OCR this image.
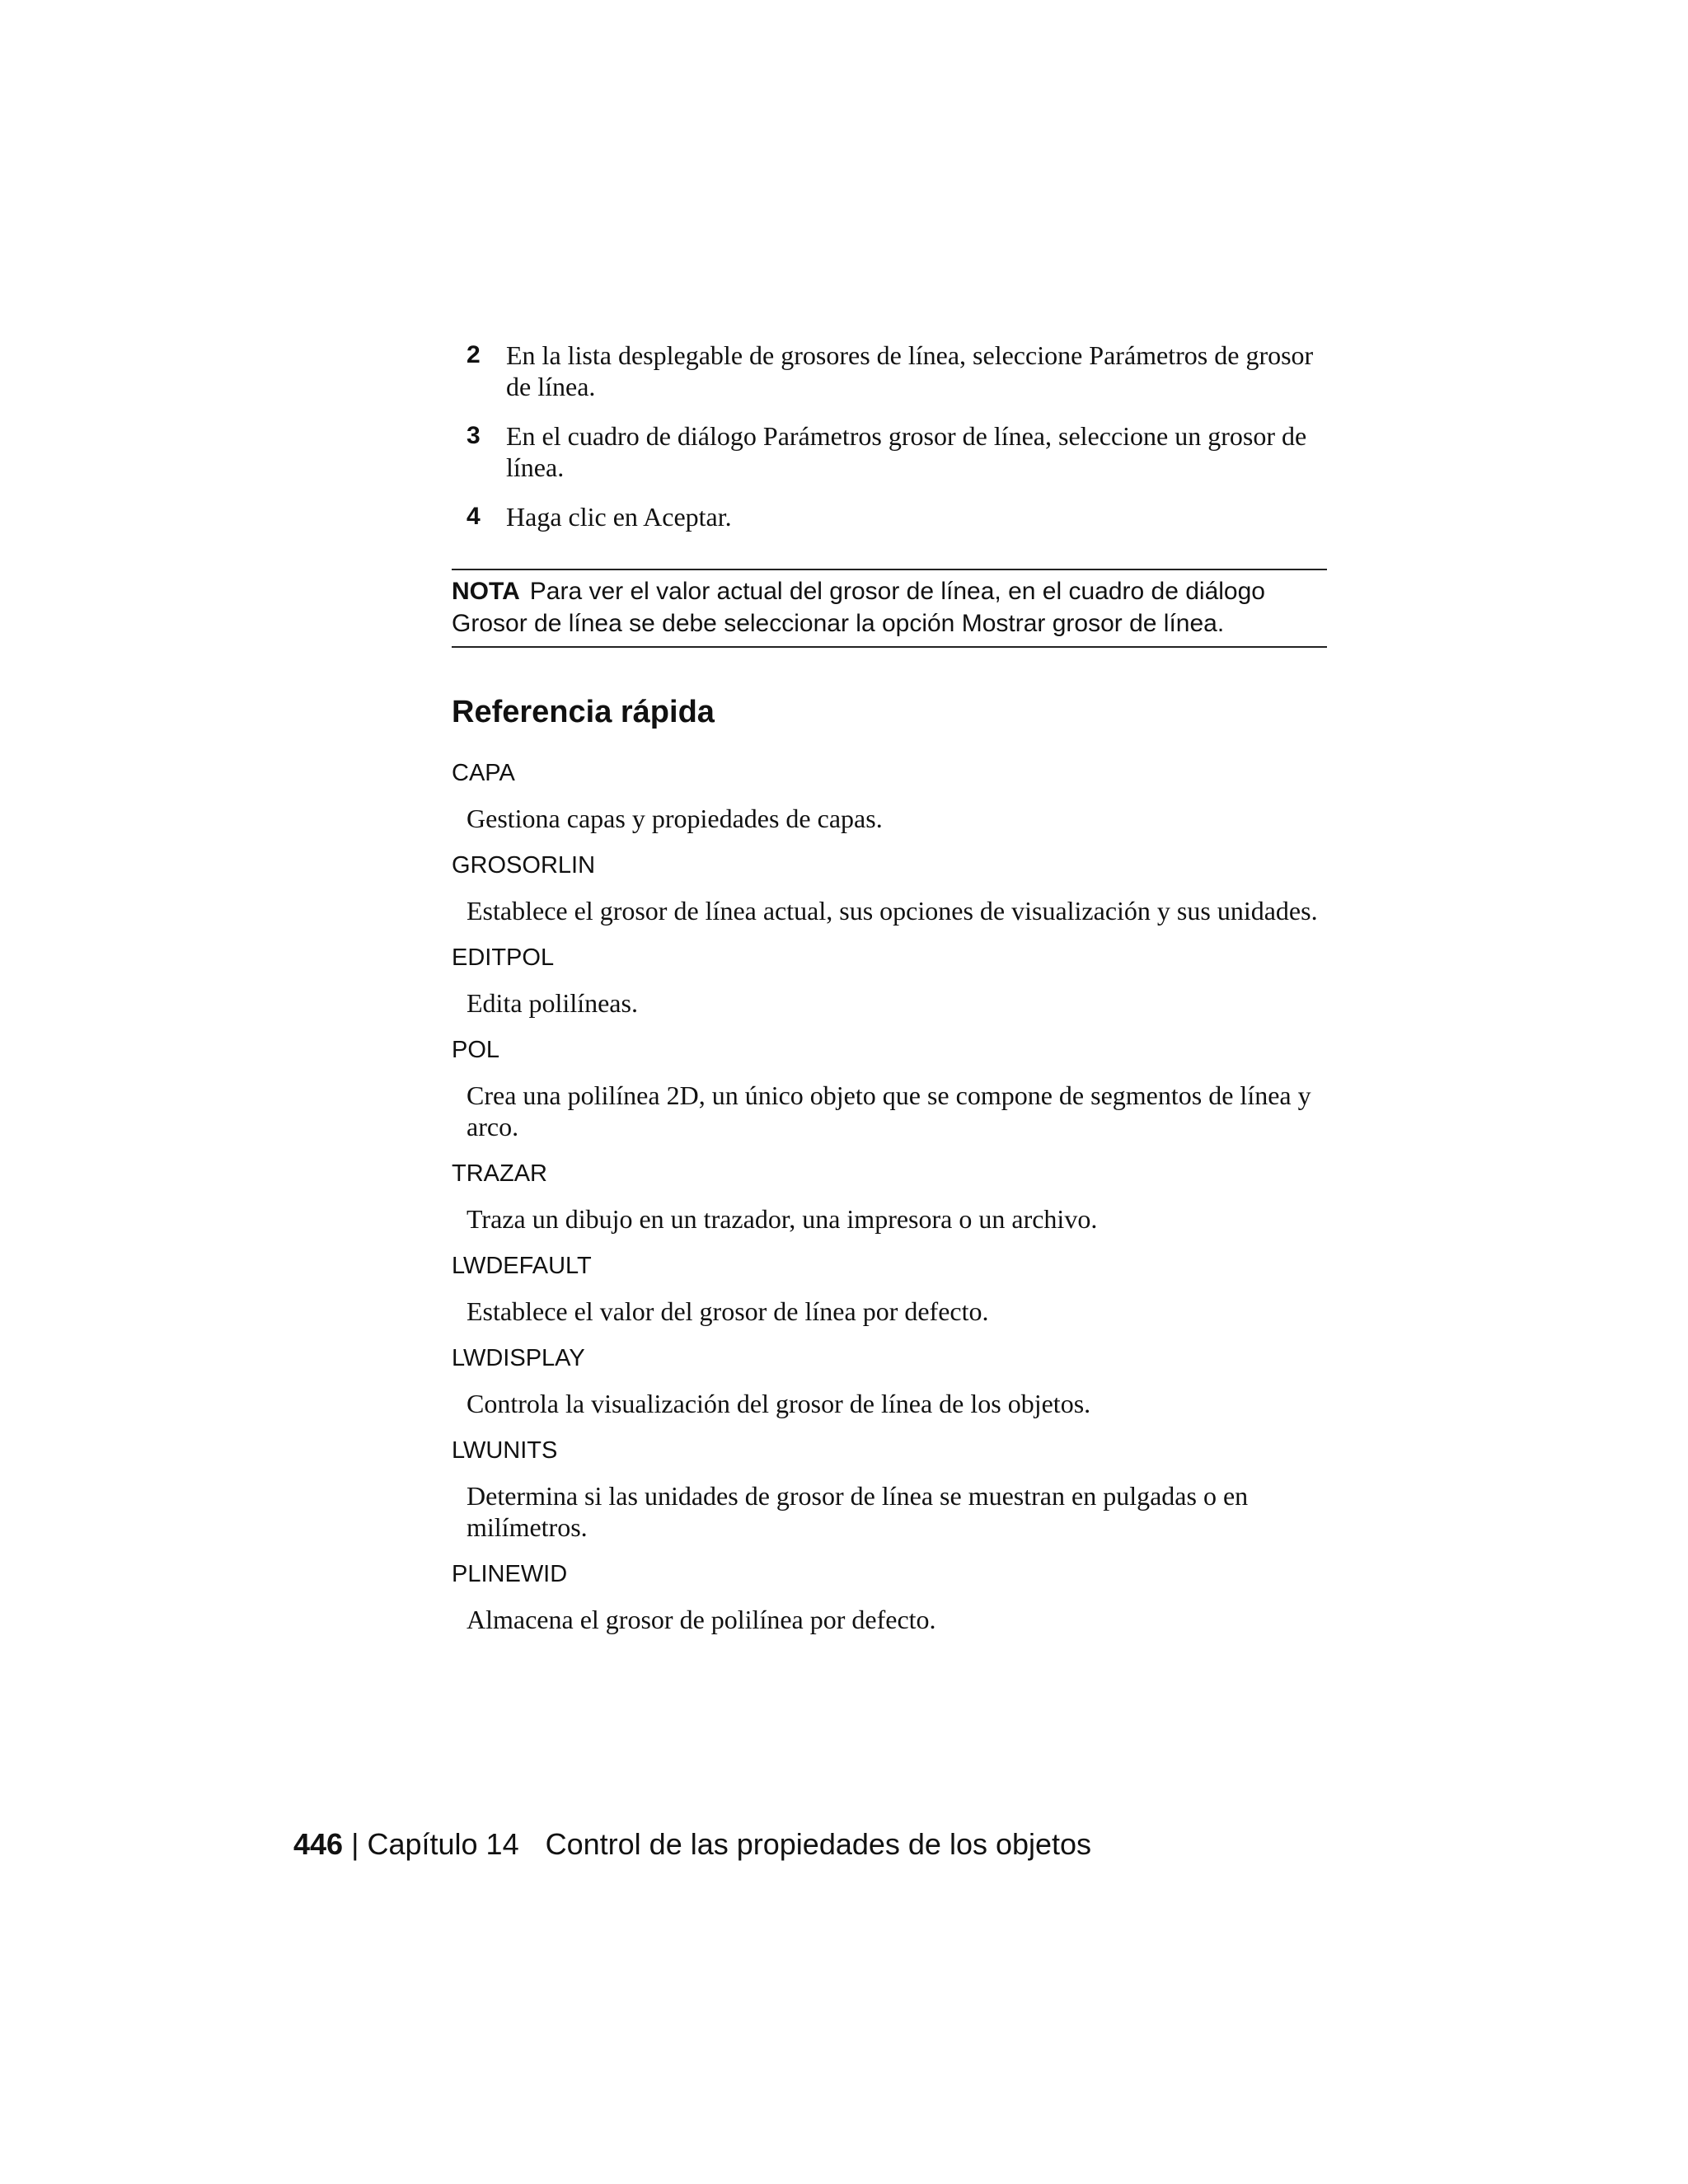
2 En la lista desplegable de grosores de línea, seleccione Parámetros de grosor de línea.
3 En el cuadro de diálogo Parámetros grosor de línea, seleccione un grosor de línea.
4 Haga clic en Aceptar.
NOTA Para ver el valor actual del grosor de línea, en el cuadro de diálogo Grosor de línea se debe seleccionar la opción Mostrar grosor de línea.
Referencia rápida
CAPA
Gestiona capas y propiedades de capas.
GROSORLIN
Establece el grosor de línea actual, sus opciones de visualización y sus unidades.
EDITPOL
Edita polilíneas.
POL
Crea una polilínea 2D, un único objeto que se compone de segmentos de línea y arco.
TRAZAR
Traza un dibujo en un trazador, una impresora o un archivo.
LWDEFAULT
Establece el valor del grosor de línea por defecto.
LWDISPLAY
Controla la visualización del grosor de línea de los objetos.
LWUNITS
Determina si las unidades de grosor de línea se muestran en pulgadas o en milímetros.
PLINEWID
Almacena el grosor de polilínea por defecto.
446 | Capítulo 14 Control de las propiedades de los objetos
